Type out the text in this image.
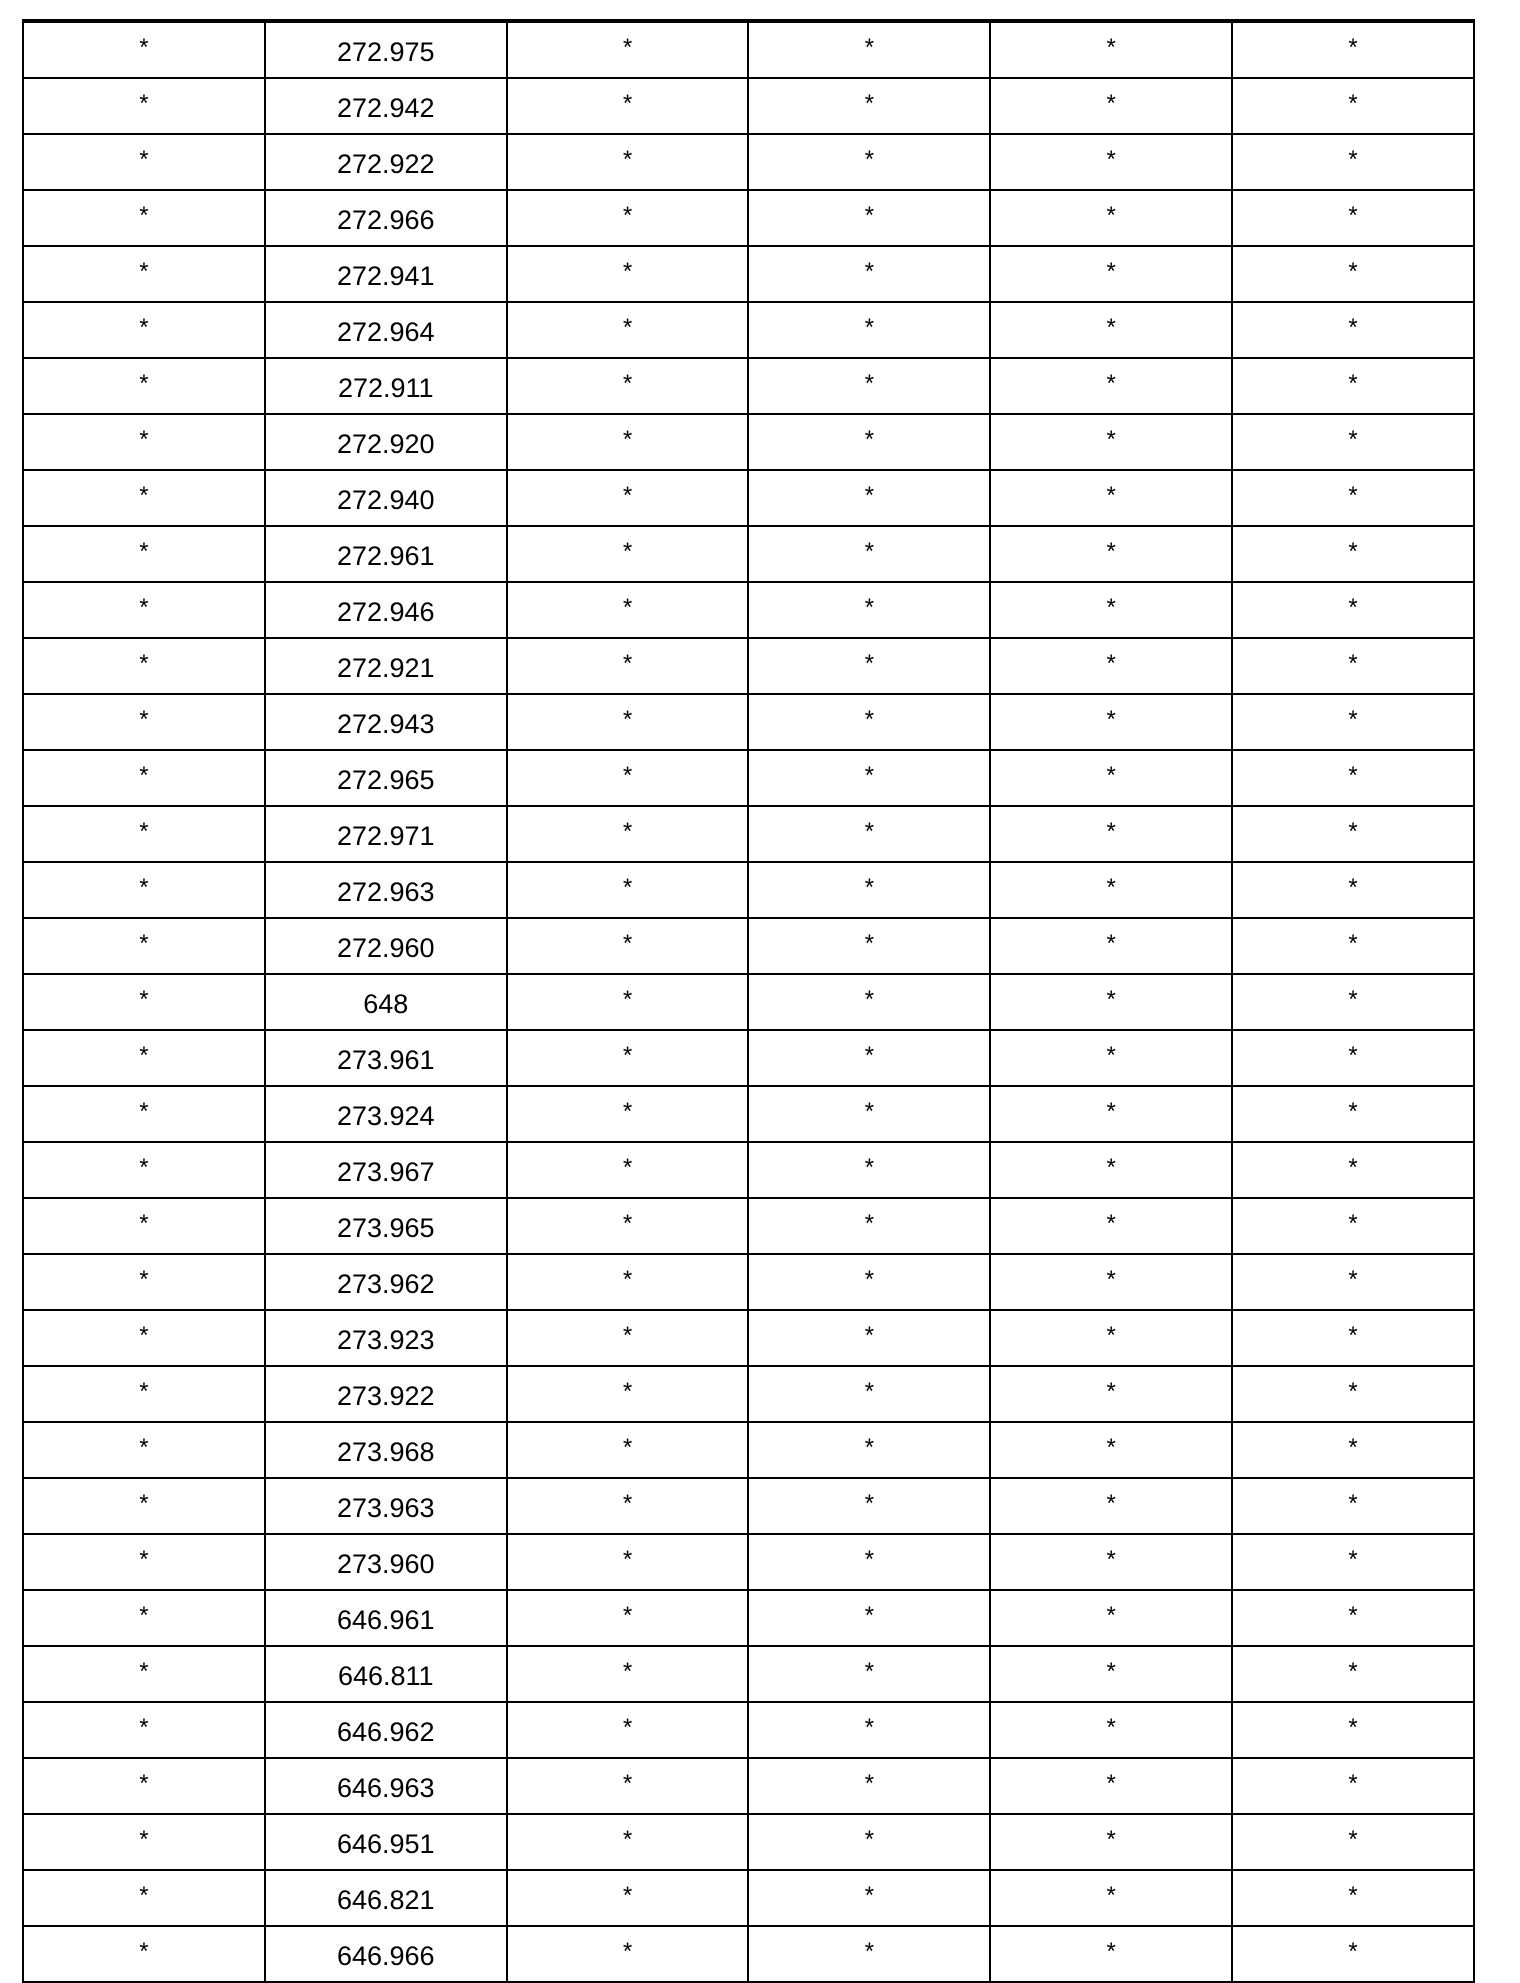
*	272.975	*	*	*	*
*	272.942	*	*	*	*
*	272.922	*	*	*	*
*	272.966	*	*	*	*
*	272.941	*	*	*	*
*	272.964	*	*	*	*
*	272.911	*	*	*	*
*	272.920	*	*	*	*
*	272.940	*	*	*	*
*	272.961	*	*	*	*
*	272.946	*	*	*	*
*	272.921	*	*	*	*
*	272.943	*	*	*	*
*	272.965	*	*	*	*
*	272.971	*	*	*	*
*	272.963	*	*	*	*
*	272.960	*	*	*	*
*	648	*	*	*	*
*	273.961	*	*	*	*
*	273.924	*	*	*	*
*	273.967	*	*	*	*
*	273.965	*	*	*	*
*	273.962	*	*	*	*
*	273.923	*	*	*	*
*	273.922	*	*	*	*
*	273.968	*	*	*	*
*	273.963	*	*	*	*
*	273.960	*	*	*	*
*	646.961	*	*	*	*
*	646.811	*	*	*	*
*	646.962	*	*	*	*
*	646.963	*	*	*	*
*	646.951	*	*	*	*
*	646.821	*	*	*	*
*	646.966	*	*	*	*
